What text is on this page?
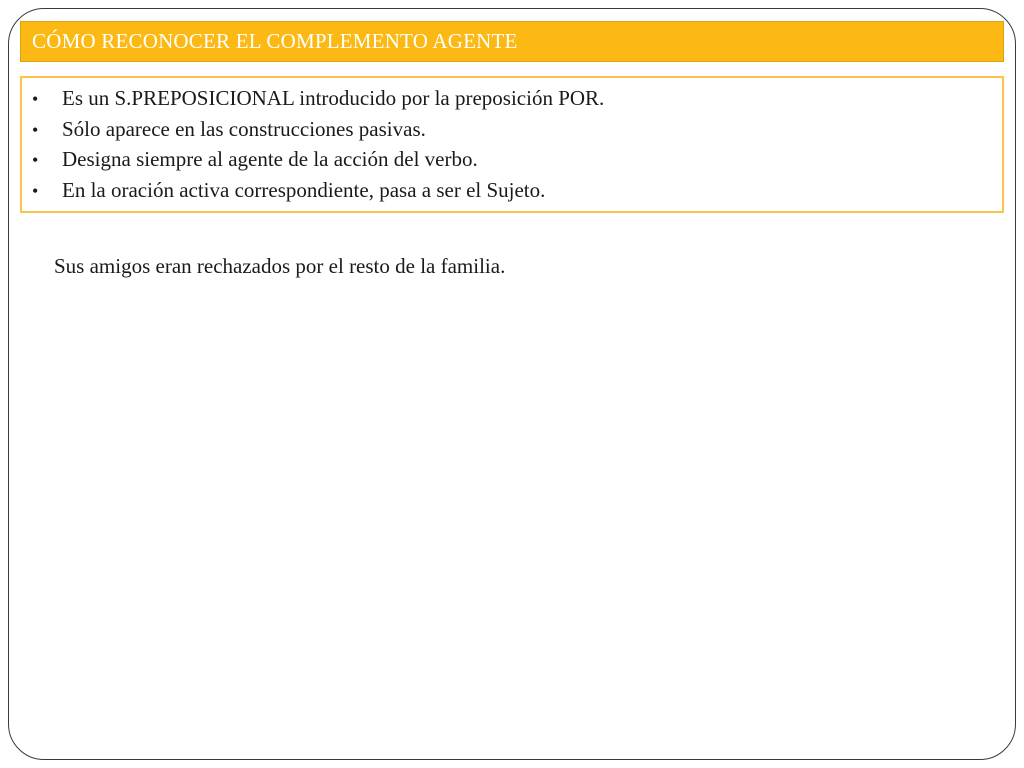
CÓMO RECONOCER EL COMPLEMENTO AGENTE
•	Es un S.PREPOSICIONAL introducido por la preposición POR.
•	Sólo aparece en las construcciones pasivas.
•	Designa siempre al agente de la acción del verbo.
•	En la oración activa correspondiente, pasa a ser el Sujeto.
Sus amigos eran rechazados por el resto de la familia.
